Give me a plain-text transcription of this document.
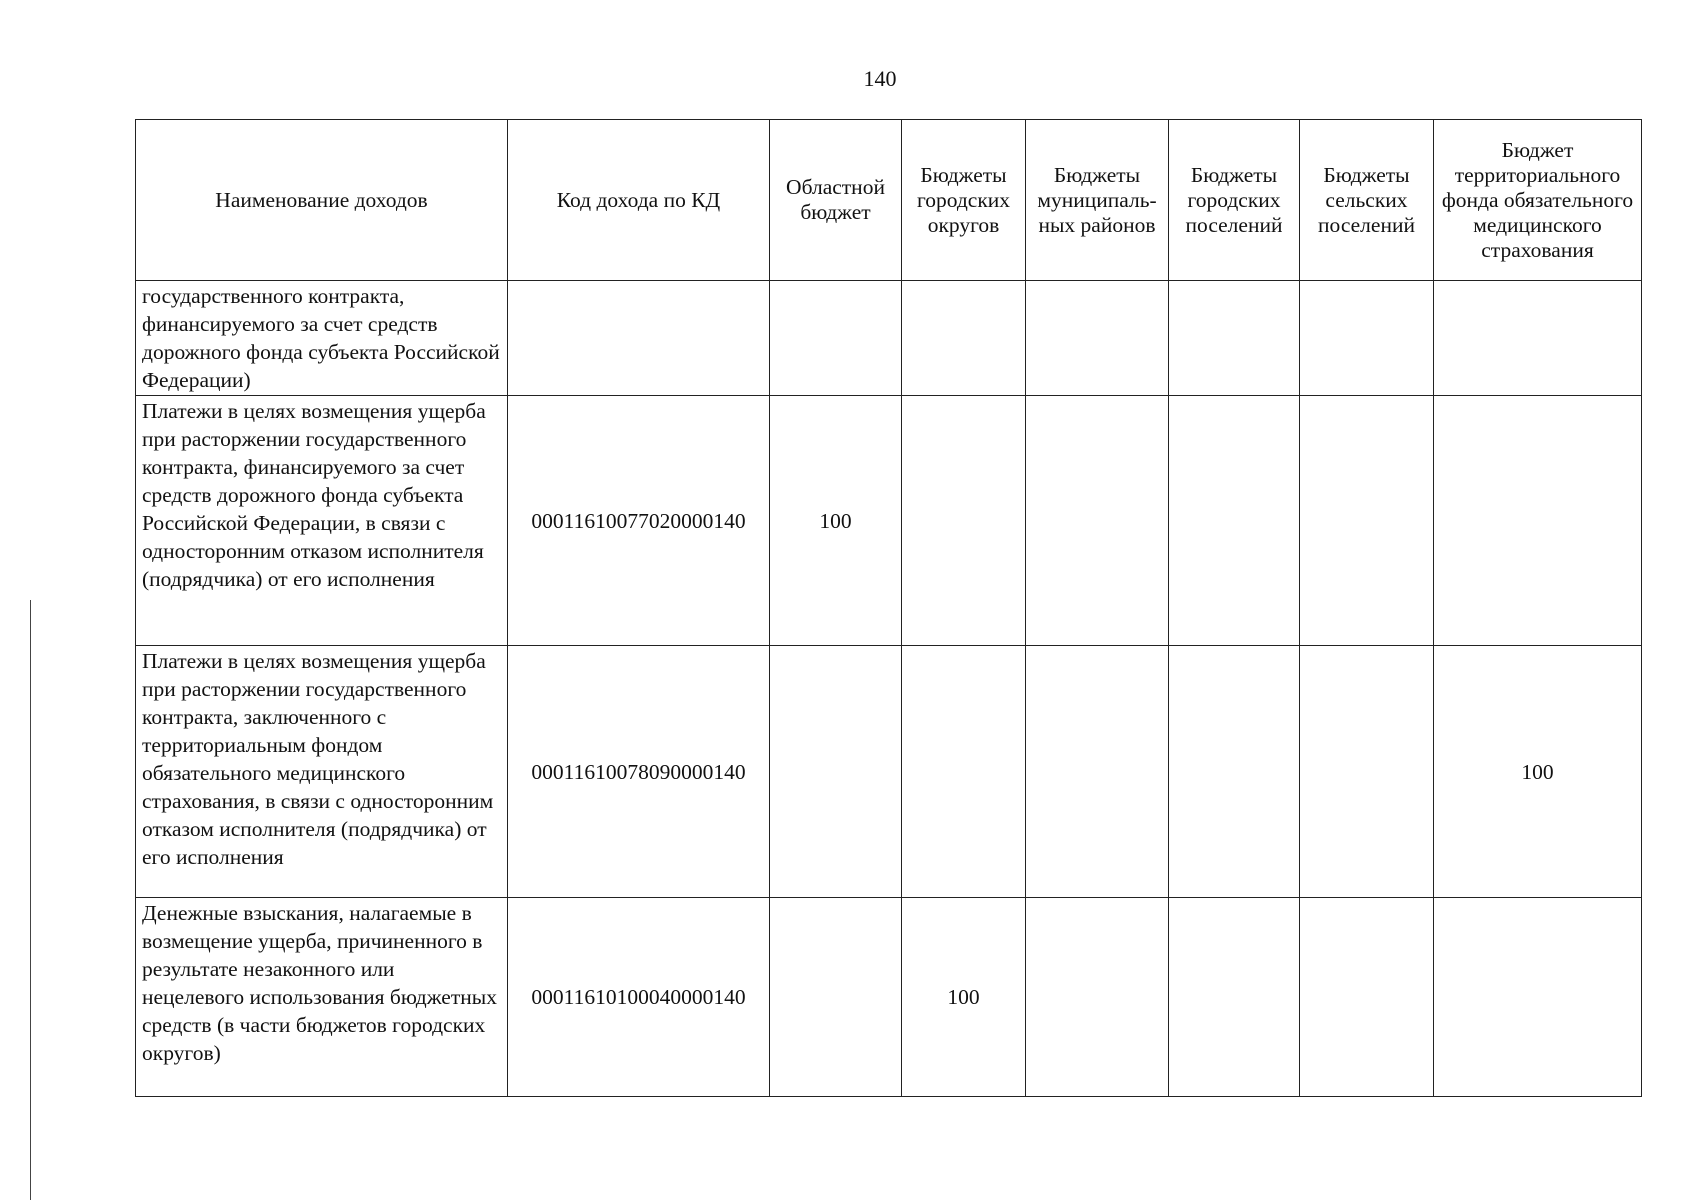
140
Наименование доходов	Код дохода по КД	Областной бюджет	Бюджеты городских округов	Бюджеты муниципаль-ных районов	Бюджеты городских поселений	Бюджеты сельских поселений	Бюджет территориального фонда обязательного медицинского страхования
государственного контракта, финансируемого за счет средств дорожного фонда субъекта Российской Федерации)							
Платежи в целях возмещения ущерба при расторжении государственного контракта, финансируемого за счет средств дорожного фонда субъекта Российской Федерации, в связи с односторонним отказом исполнителя (подрядчика) от его исполнения	00011610077020000140	100					
Платежи в целях возмещения ущерба при расторжении государственного контракта, заключенного с территориальным фондом обязательного медицинского страхования, в связи с односторонним отказом исполнителя (подрядчика) от его исполнения	00011610078090000140						100
Денежные взыскания, налагаемые в возмещение ущерба, причиненного в результате незаконного или нецелевого использования бюджетных средств (в части бюджетов городских округов)	00011610100040000140		100				
